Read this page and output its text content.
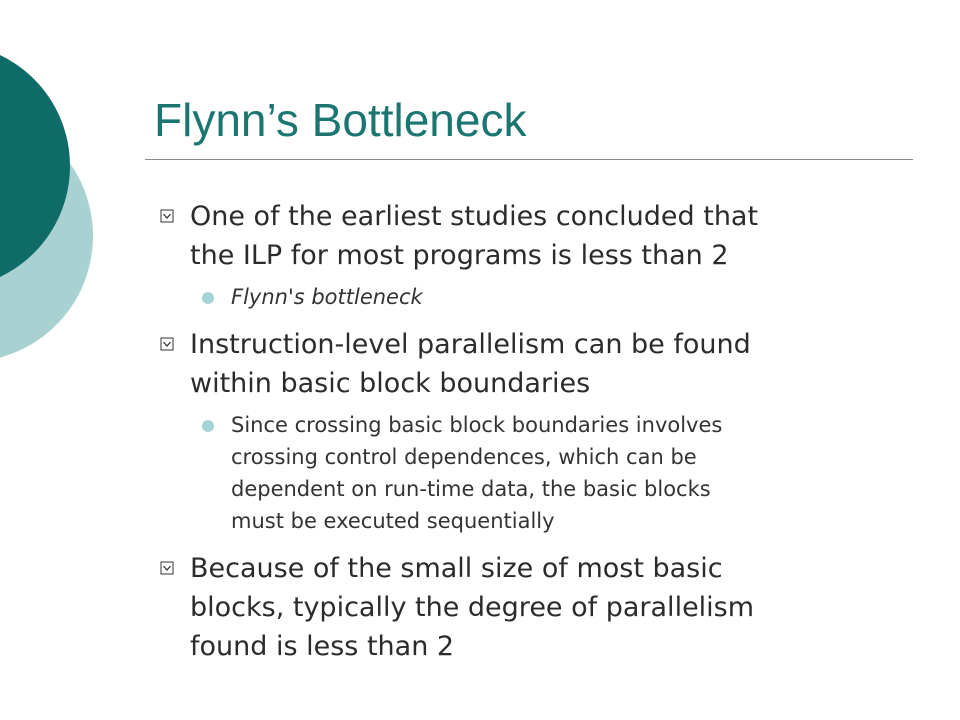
Flynn’s Bottleneck
One of the earliest studies concluded that
the ILP for most programs is less than 2
Flynn's bottleneck
Instruction-level parallelism can be found
within basic block boundaries
Since crossing basic block boundaries involves
crossing control dependences, which can be
dependent on run-time data, the basic blocks
must be executed sequentially
Because of the small size of most basic
blocks, typically the degree of parallelism
found is less than 2
